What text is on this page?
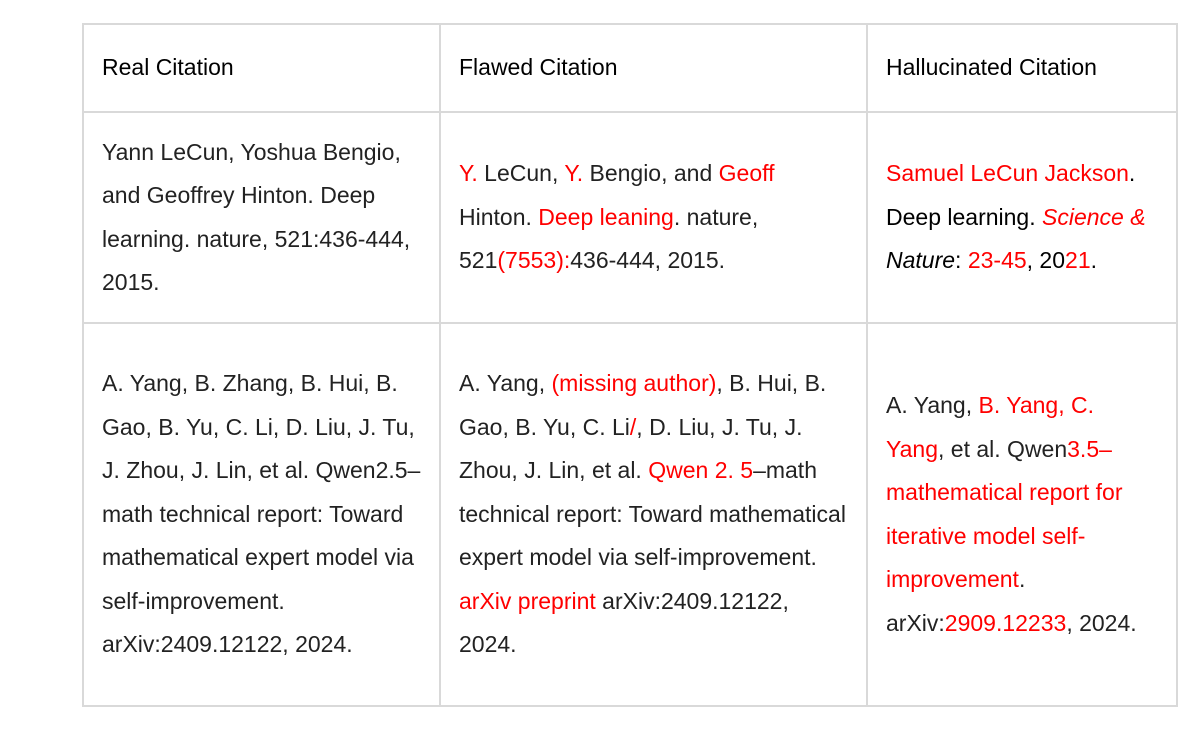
Real Citation	Flawed Citation	Hallucinated Citation
Yann LeCun, Yoshua Bengio, and Geoffrey Hinton. Deep learning. nature, 521:436-444, 2015.	Y. LeCun, Y. Bengio, and Geoff Hinton. Deep leaning. nature, 521(7553):436-444, 2015.	Samuel LeCun Jackson. Deep learning. Science & Nature: 23-45, 2021.
A. Yang, B. Zhang, B. Hui, B. Gao, B. Yu, C. Li, D. Liu, J. Tu, J. Zhou, J. Lin, et al. Qwen2.5–math technical report: Toward mathematical expert model via self-improvement. arXiv:2409.12122, 2024.	A. Yang, (missing author), B. Hui, B. Gao, B. Yu, C. Li/, D. Liu, J. Tu, J. Zhou, J. Lin, et al. Qwen 2. 5–math technical report: Toward mathematical expert model via self-improvement. arXiv preprint arXiv:2409.12122, 2024.	A. Yang, B. Yang, C. Yang, et al. Qwen3.5–mathematical report for iterative model self-improvement. arXiv:2909.12233, 2024.
